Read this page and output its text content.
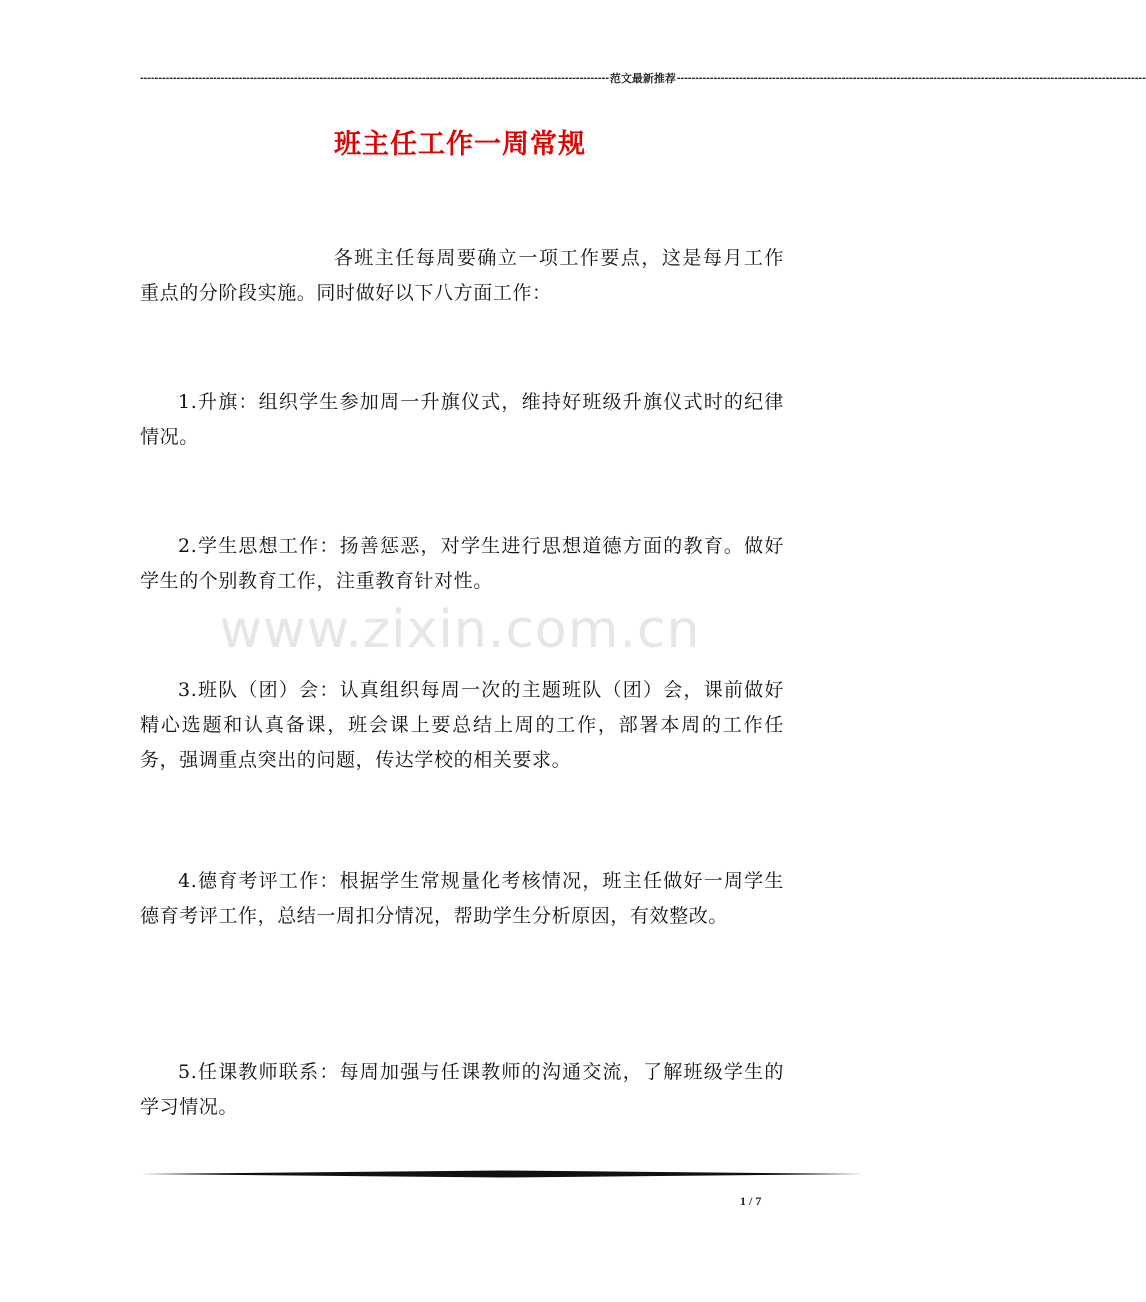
-------------------------------------------------------------------------------------------------------------------------------- 范文最新推荐 --------------------------------------------------------------------------------------------------------------------------------
班主任工作一周常规
www.zixin.com.cn

各班主任每周要确立一项工作要点，这是每月工作重点的分阶段实施。同时做好以下八方面工作：

1.升旗：组织学生参加周一升旗仪式，维持好班级升旗仪式时的纪律情况。

2.学生思想工作：扬善惩恶，对学生进行思想道德方面的教育。做好学生的个别教育工作，注重教育针对性。

3.班队（团）会：认真组织每周一次的主题班队（团）会，课前做好精心选题和认真备课，班会课上要总结上周的工作，部署本周的工作任务，强调重点突出的问题，传达学校的相关要求。

4.德育考评工作：根据学生常规量化考核情况，班主任做好一周学生德育考评工作，总结一周扣分情况，帮助学生分析原因，有效整改。

5.任课教师联系：每周加强与任课教师的沟通交流，了解班级学生的学习情况。

1 / 7
